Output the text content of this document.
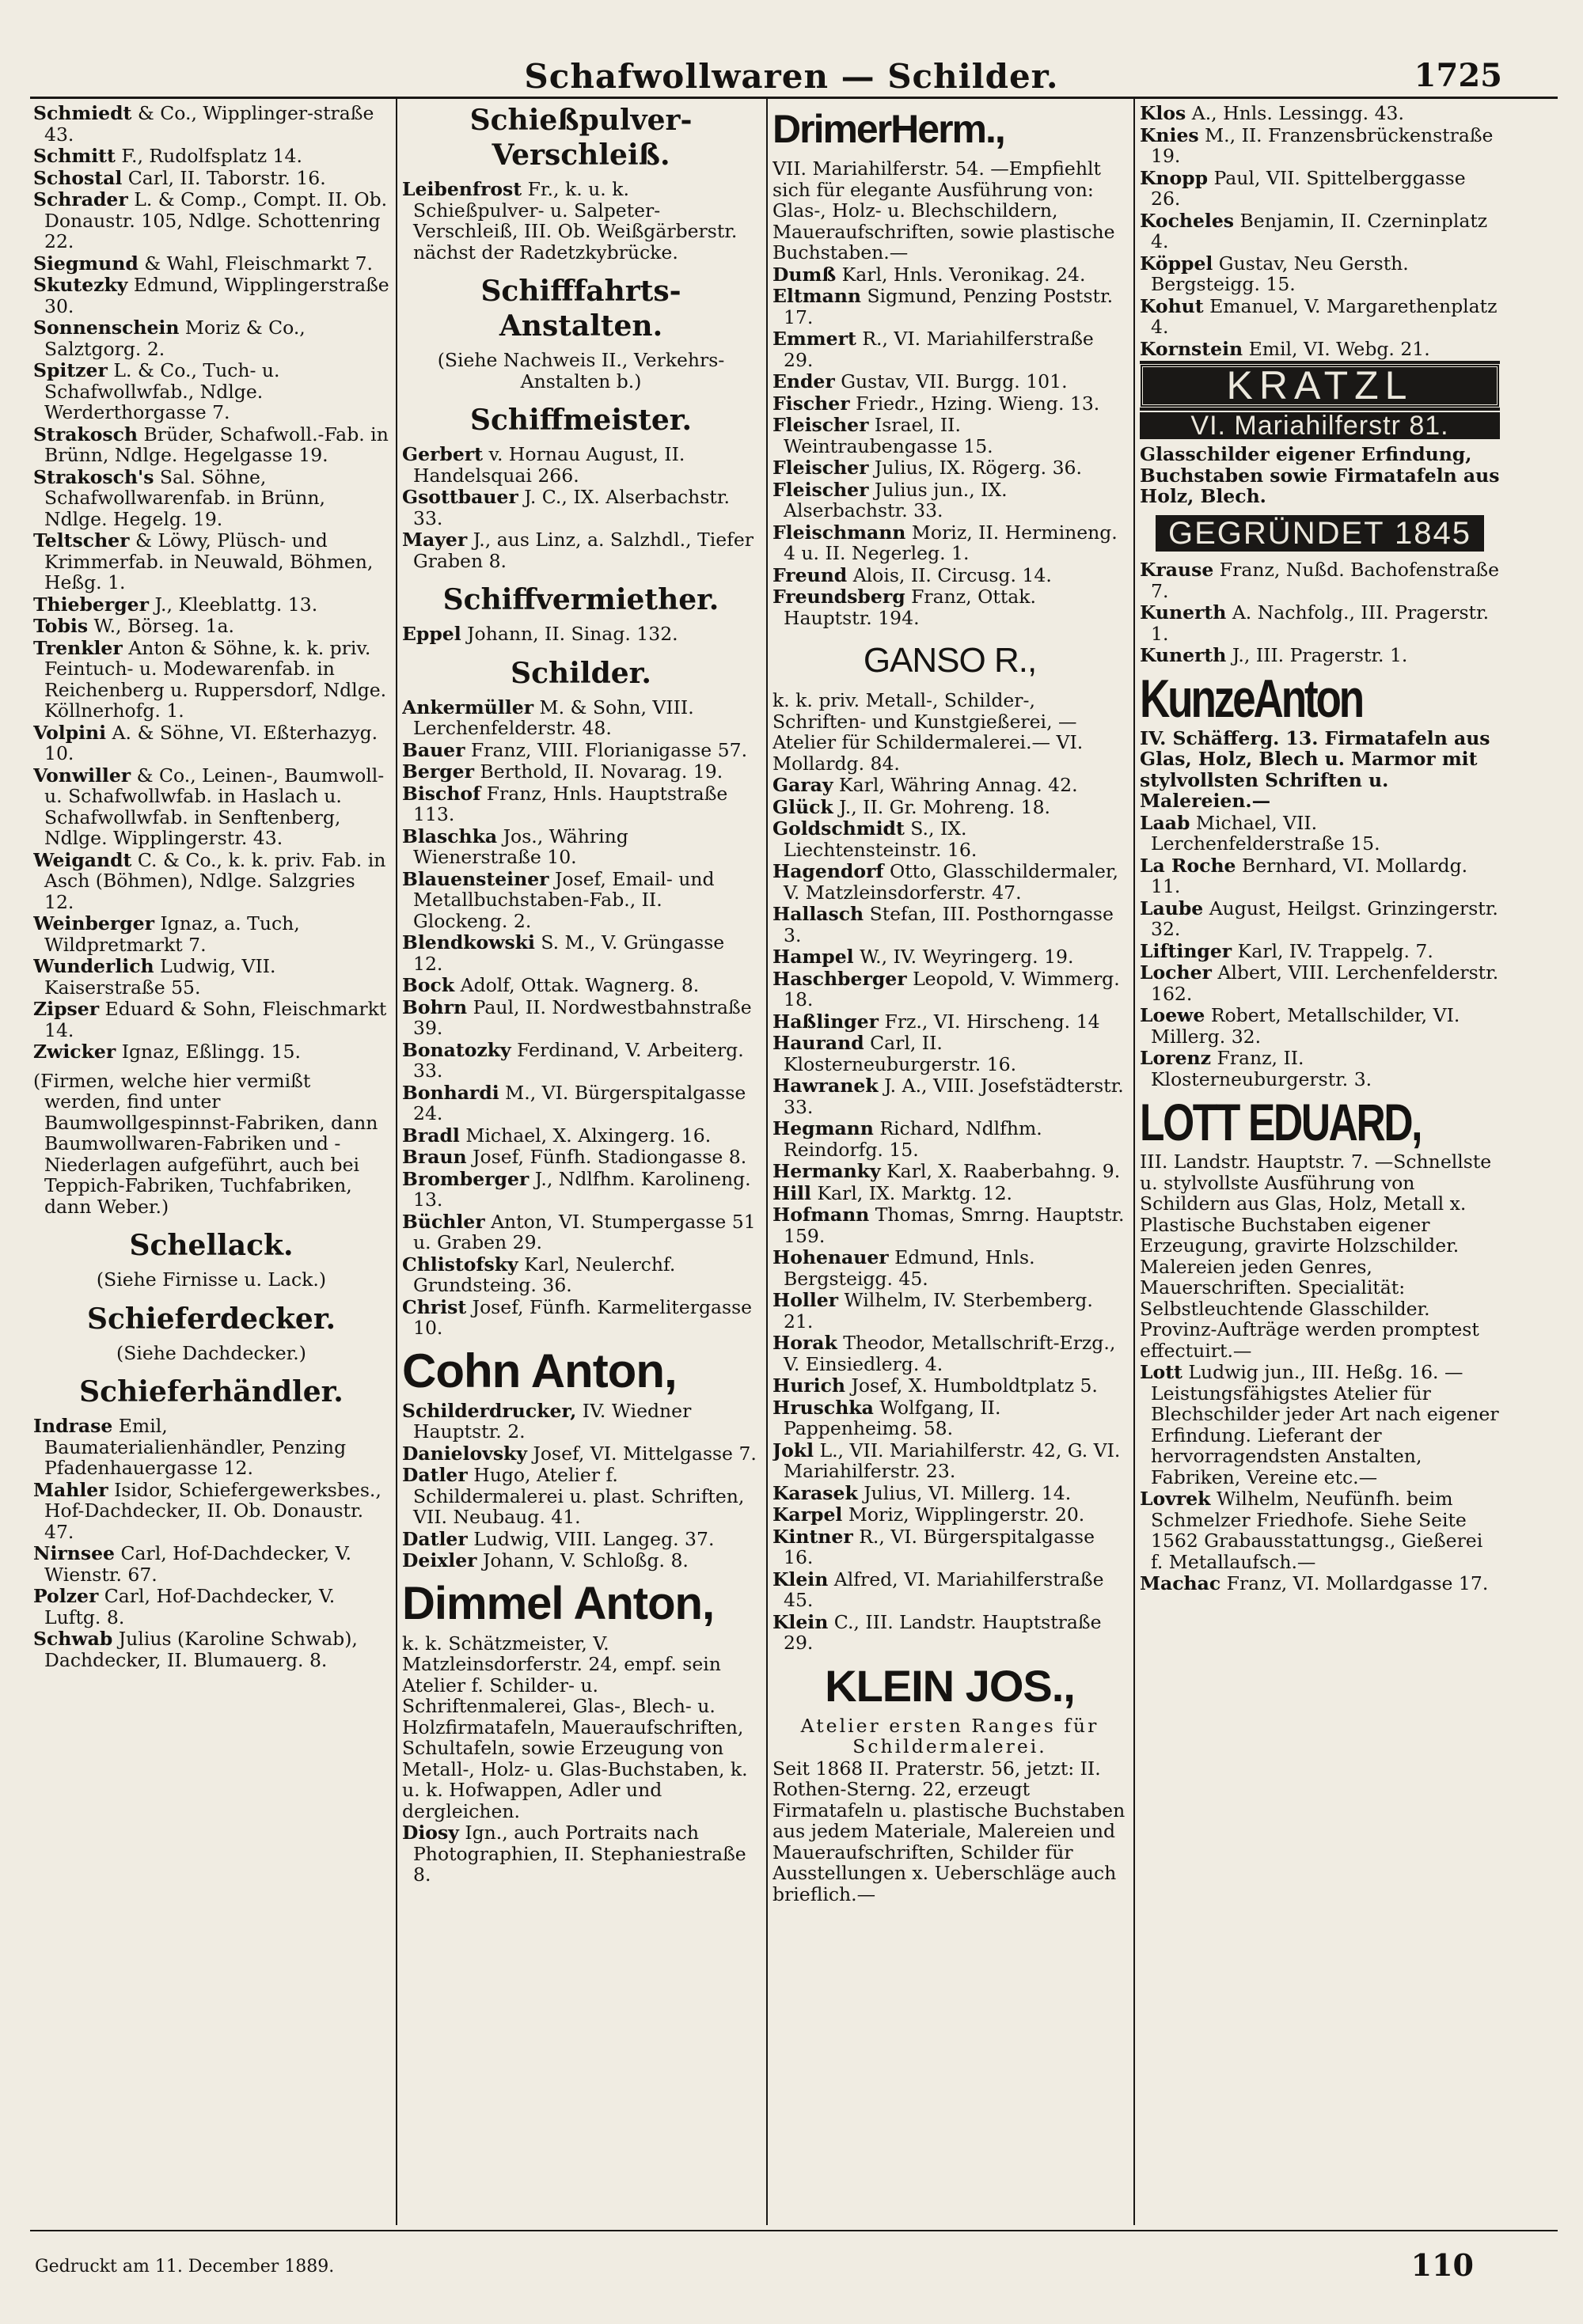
Schafwollwaren — Schilder.	1725

Schmiedt & Co., Wipplinger-straße 43.

Schmitt F., Rudolfsplatz 14.

Schostal Carl, II. Taborstr. 16.

Schrader L. & Comp., Compt. II. Ob. Donaustr. 105, Ndlge. Schottenring 22.

Siegmund & Wahl, Fleischmarkt 7.

Skutezky Edmund, Wipplingerstraße 30.

Sonnenschein Moriz & Co., Salztgorg. 2.

Spitzer L. & Co., Tuch- u. Schafwollwfab., Ndlge. Werderthorgasse 7.

Strakosch Brüder, Schafwoll.-Fab. in Brünn, Ndlge. Hegelgasse 19.

Strakosch's Sal. Söhne, Schafwollwarenfab. in Brünn, Ndlge. Hegelg. 19.

Teltscher & Löwy, Plüsch- und Krimmerfab. in Neuwald, Böhmen, Heßg. 1.

Thieberger J., Kleeblattg. 13.

Tobis W., Börseg. 1a.

Trenkler Anton & Söhne, k. k. priv. Feintuch- u. Modewarenfab. in Reichenberg u. Ruppersdorf, Ndlge. Köllnerhofg. 1.

Volpini A. & Söhne, VI. Eßterhazyg. 10.

Vonwiller & Co., Leinen-, Baumwoll- u. Schafwollwfab. in Haslach u. Schafwollwfab. in Senftenberg, Ndlge. Wipplingerstr. 43.

Weigandt C. & Co., k. k. priv. Fab. in Asch (Böhmen), Ndlge. Salzgries 12.

Weinberger Ignaz, a. Tuch, Wildpretmarkt 7.

Wunderlich Ludwig, VII. Kaiserstraße 55.

Zipser Eduard & Sohn, Fleischmarkt 14.

Zwicker Ignaz, Eßlingg. 15.

(Firmen, welche hier vermißt werden, find unter Baumwollgespinnst-Fabriken, dann Baumwollwaren-Fabriken und -Niederlagen aufgeführt, auch bei Teppich-Fabriken, Tuchfabriken, dann Weber.)

Schellack.
(Siehe Firnisse u. Lack.)
Schieferdecker.
(Siehe Dachdecker.)
Schieferhändler.

Indrase Emil, Baumaterialienhändler, Penzing Pfadenhauergasse 12.

Mahler Isidor, Schiefergewerksbes., Hof-Dachdecker, II. Ob. Donaustr. 47.

Nirnsee Carl, Hof-Dachdecker, V. Wienstr. 67.

Polzer Carl, Hof-Dachdecker, V. Luftg. 8.

Schwab Julius (Karoline Schwab), Dachdecker, II. Blumauerg. 8.

Schießpulver-Verschleiß.

Leibenfrost Fr., k. u. k. Schießpulver- u. Salpeter-Verschleiß, III. Ob. Weißgärberstr. nächst der Radetzkybrücke.

Schifffahrts-Anstalten.
(Siehe Nachweis II., Verkehrs-Anstalten b.)
Schiffmeister.

Gerbert v. Hornau August, II. Handelsquai 266.

Gsottbauer J. C., IX. Alserbachstr. 33.

Mayer J., aus Linz, a. Salzhdl., Tiefer Graben 8.

Schiffvermiether.

Eppel Johann, II. Sinag. 132.

Schilder.

Ankermüller M. & Sohn, VIII. Lerchenfelderstr. 48.

Bauer Franz, VIII. Florianigasse 57.

Berger Berthold, II. Novarag. 19.

Bischof Franz, Hnls. Hauptstraße 113.

Blaschka Jos., Währing Wienerstraße 10.

Blauensteiner Josef, Email- und Metallbuchstaben-Fab., II. Glockeng. 2.

Blendkowski S. M., V. Grüngasse 12.

Bock Adolf, Ottak. Wagnerg. 8.

Bohrn Paul, II. Nordwestbahnstraße 39.

Bonatozky Ferdinand, V. Arbeiterg. 33.

Bonhardi M., VI. Bürgerspitalgasse 24.

Bradl Michael, X. Alxingerg. 16.

Braun Josef, Fünfh. Stadiongasse 8.

Bromberger J., Ndlfhm. Karolineng. 13.

Büchler Anton, VI. Stumpergasse 51 u. Graben 29.

Chlistofsky Karl, Neulerchf. Grundsteing. 36.

Christ Josef, Fünfh. Karmelitergasse 10.

Cohn Anton,

Schilderdrucker, IV. Wiedner Hauptstr. 2.

Danielovsky Josef, VI. Mittelgasse 7.

Datler Hugo, Atelier f. Schildermalerei u. plast. Schriften, VII. Neubaug. 41.

Datler Ludwig, VIII. Langeg. 37.

Deixler Johann, V. Schloßg. 8.

Dimmel Anton,

k. k. Schätzmeister, V. Matzleinsdorferstr. 24, empf. sein Atelier f. Schilder- u. Schriftenmalerei, Glas-, Blech- u. Holzfirmatafeln, Maueraufschriften, Schultafeln, sowie Erzeugung von Metall-, Holz- u. Glas-Buchstaben, k. u. k. Hofwappen, Adler und dergleichen.

Diosy Ign., auch Portraits nach Photographien, II. Stephaniestraße 8.

DrimerHerm.,

VII. Mariahilferstr. 54. —Empfiehlt sich für elegante Ausführung von: Glas-, Holz- u. Blechschildern, Maueraufschriften, sowie plastische Buchstaben.—

Dumß Karl, Hnls. Veronikag. 24.

Eltmann Sigmund, Penzing Poststr. 17.

Emmert R., VI. Mariahilferstraße 29.

Ender Gustav, VII. Burgg. 101.

Fischer Friedr., Hzing. Wieng. 13.

Fleischer Israel, II. Weintraubengasse 15.

Fleischer Julius, IX. Rögerg. 36.

Fleischer Julius jun., IX. Alserbachstr. 33.

Fleischmann Moriz, II. Hermineng. 4 u. II. Negerleg. 1.

Freund Alois, II. Circusg. 14.

Freundsberg Franz, Ottak. Hauptstr. 194.

GANSO R.,

k. k. priv. Metall-, Schilder-, Schriften- und Kunstgießerei, —Atelier für Schildermalerei.— VI. Mollardg. 84.

Garay Karl, Währing Annag. 42.

Glück J., II. Gr. Mohreng. 18.

Goldschmidt S., IX. Liechtensteinstr. 16.

Hagendorf Otto, Glasschildermaler, V. Matzleinsdorferstr. 47.

Hallasch Stefan, III. Posthorngasse 3.

Hampel W., IV. Weyringerg. 19.

Haschberger Leopold, V. Wimmerg. 18.

Haßlinger Frz., VI. Hirscheng. 14

Haurand Carl, II. Klosterneuburgerstr. 16.

Hawranek J. A., VIII. Josefstädterstr. 33.

Hegmann Richard, Ndlfhm. Reindorfg. 15.

Hermanky Karl, X. Raaberbahng. 9.

Hill Karl, IX. Marktg. 12.

Hofmann Thomas, Smrng. Hauptstr. 159.

Hohenauer Edmund, Hnls. Bergsteigg. 45.

Holler Wilhelm, IV. Sterbemberg. 21.

Horak Theodor, Metallschrift-Erzg., V. Einsiedlerg. 4.

Hurich Josef, X. Humboldtplatz 5.

Hruschka Wolfgang, II. Pappenheimg. 58.

Jokl L., VII. Mariahilferstr. 42, G. VI. Mariahilferstr. 23.

Karasek Julius, VI. Millerg. 14.

Karpel Moriz, Wipplingerstr. 20.

Kintner R., VI. Bürgerspitalgasse 16.

Klein Alfred, VI. Mariahilferstraße 45.

Klein C., III. Landstr. Hauptstraße 29.

KLEIN JOS.,

Atelier ersten Ranges für Schildermalerei.

Seit 1868 II. Praterstr. 56, jetzt: II. Rothen-Sterng. 22, erzeugt Firmatafeln u. plastische Buchstaben aus jedem Materiale, Malereien und Maueraufschriften, Schilder für Ausstellungen x. Ueberschläge auch brieflich.—

Klos A., Hnls. Lessingg. 43.

Knies M., II. Franzensbrückenstraße 19.

Knopp Paul, VII. Spittelberggasse 26.

Kocheles Benjamin, II. Czerninplatz 4.

Köppel Gustav, Neu Gersth. Bergsteigg. 15.

Kohut Emanuel, V. Margarethenplatz 4.

Kornstein Emil, VI. Webg. 21.

KRATZL
VI. Mariahilferstr 81.

Glasschilder eigener Erfindung, Buchstaben sowie Firmatafeln aus Holz, Blech.

GEGRÜNDET 1845

Krause Franz, Nußd. Bachofenstraße 7.

Kunerth A. Nachfolg., III. Pragerstr. 1.

Kunerth J., III. Pragerstr. 1.

KunzeAnton

IV. Schäfferg. 13. Firmatafeln aus Glas, Holz, Blech u. Marmor mit stylvollsten Schriften u. Malereien.—

Laab Michael, VII. Lerchenfelderstraße 15.

La Roche Bernhard, VI. Mollardg. 11.

Laube August, Heilgst. Grinzingerstr. 32.

Liftinger Karl, IV. Trappelg. 7.

Locher Albert, VIII. Lerchenfelderstr. 162.

Loewe Robert, Metallschilder, VI. Millerg. 32.

Lorenz Franz, II. Klosterneuburgerstr. 3.

LOTT EDUARD,

III. Landstr. Hauptstr. 7. —Schnellste u. stylvollste Ausführung von Schildern aus Glas, Holz, Metall x. Plastische Buchstaben eigener Erzeugung, gravirte Holzschilder. Malereien jeden Genres, Mauerschriften. Specialität: Selbstleuchtende Glasschilder. Provinz-Aufträge werden promptest effectuirt.—

Lott Ludwig jun., III. Heßg. 16. —Leistungsfähigstes Atelier für Blechschilder jeder Art nach eigener Erfindung. Lieferant der hervorragendsten Anstalten, Fabriken, Vereine etc.—

Lovrek Wilhelm, Neufünfh. beim Schmelzer Friedhofe. Siehe Seite 1562 Grabausstattungsg., Gießerei f. Metallaufsch.—

Machac Franz, VI. Mollardgasse 17.

Gedruckt am 11. December 1889.	110
